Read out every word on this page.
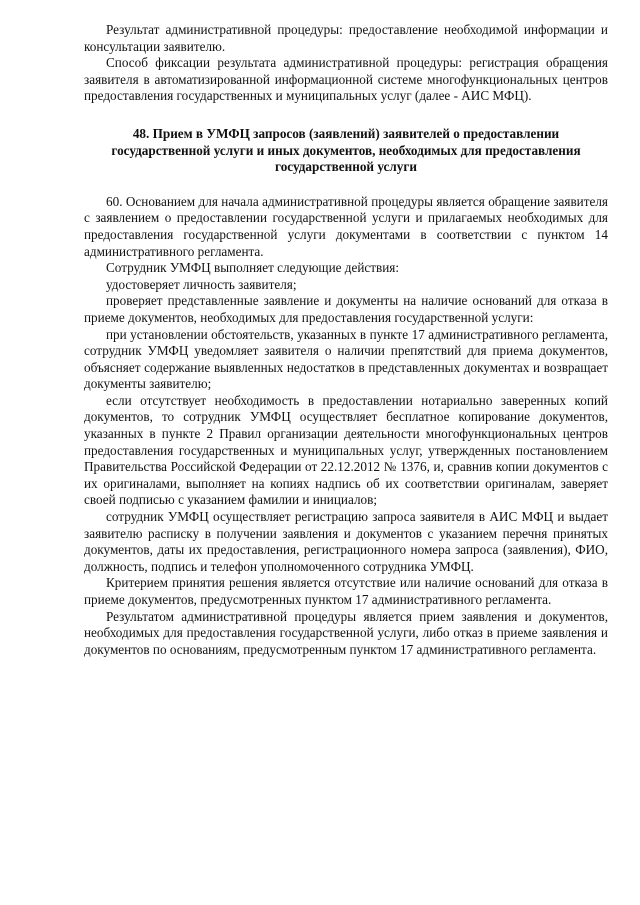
Результат административной процедуры: предоставление необходимой информации и консультации заявителю.

Способ фиксации результата административной процедуры: регистрация обращения заявителя в автоматизированной информационной системе многофункциональных центров предоставления государственных и муниципальных услуг (далее - АИС МФЦ).

48. Прием в УМФЦ запросов (заявлений) заявителей о предоставлении государственной услуги и иных документов, необходимых для предоставления государственной услуги

60. Основанием для начала административной процедуры является обращение заявителя с заявлением о предоставлении государственной услуги и прилагаемых необходимых для предоставления государственной услуги документами в соответствии с пунктом 14 административного регламента.

Сотрудник УМФЦ выполняет следующие действия:

удостоверяет личность заявителя;

проверяет представленные заявление и документы на наличие оснований для отказа в приеме документов, необходимых для предоставления государственной услуги:

при установлении обстоятельств, указанных в пункте 17 административного регламента, сотрудник УМФЦ уведомляет заявителя о наличии препятствий для приема документов, объясняет содержание выявленных недостатков в представленных документах и возвращает документы заявителю;

если отсутствует необходимость в предоставлении нотариально заверенных копий документов, то сотрудник УМФЦ осуществляет бесплатное копирование документов, указанных в пункте 2 Правил организации деятельности многофункциональных центров предоставления государственных и муниципальных услуг, утвержденных постановлением Правительства Российской Федерации от 22.12.2012 № 1376, и, сравнив копии документов с их оригиналами, выполняет на копиях надпись об их соответствии оригиналам, заверяет своей подписью с указанием фамилии и инициалов;

сотрудник УМФЦ осуществляет регистрацию запроса заявителя в АИС МФЦ и выдает заявителю расписку в получении заявления и документов с указанием перечня принятых документов, даты их предоставления, регистрационного номера запроса (заявления), ФИО, должность, подпись и телефон уполномоченного сотрудника УМФЦ.

Критерием принятия решения является отсутствие или наличие оснований для отказа в приеме документов, предусмотренных пунктом 17 административного регламента.

Результатом административной процедуры является прием заявления и документов, необходимых для предоставления государственной услуги, либо отказ в приеме заявления и документов по основаниям, предусмотренным пунктом 17 административного регламента.
